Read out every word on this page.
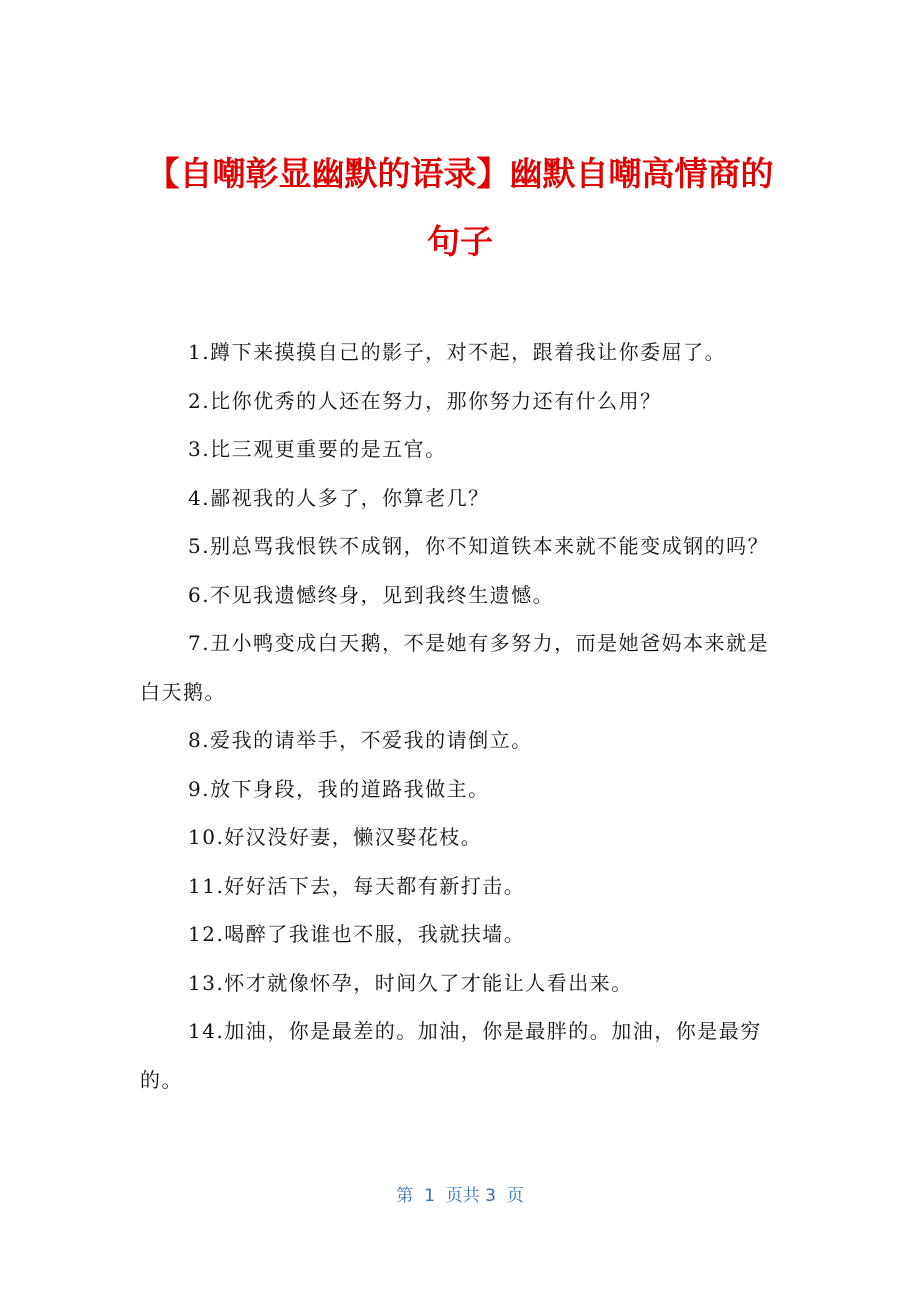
【自嘲彰显幽默的语录】幽默自嘲高情商的
句子
1.蹲下来摸摸自己的影子，对不起，跟着我让你委屈了。
2.比你优秀的人还在努力，那你努力还有什么用？
3.比三观更重要的是五官。
4.鄙视我的人多了，你算老几？
5.别总骂我恨铁不成钢，你不知道铁本来就不能变成钢的吗？
6.不见我遗憾终身，见到我终生遗憾。
7.丑小鸭变成白天鹅，不是她有多努力，而是她爸妈本来就是白天鹅。
8.爱我的请举手，不爱我的请倒立。
9.放下身段，我的道路我做主。
10.好汉没好妻，懒汉娶花枝。
11.好好活下去，每天都有新打击。
12.喝醉了我谁也不服，我就扶墙。
13.怀才就像怀孕，时间久了才能让人看出来。
14.加油，你是最差的。加油，你是最胖的。加油，你是最穷的。
第  1  页共 3  页
